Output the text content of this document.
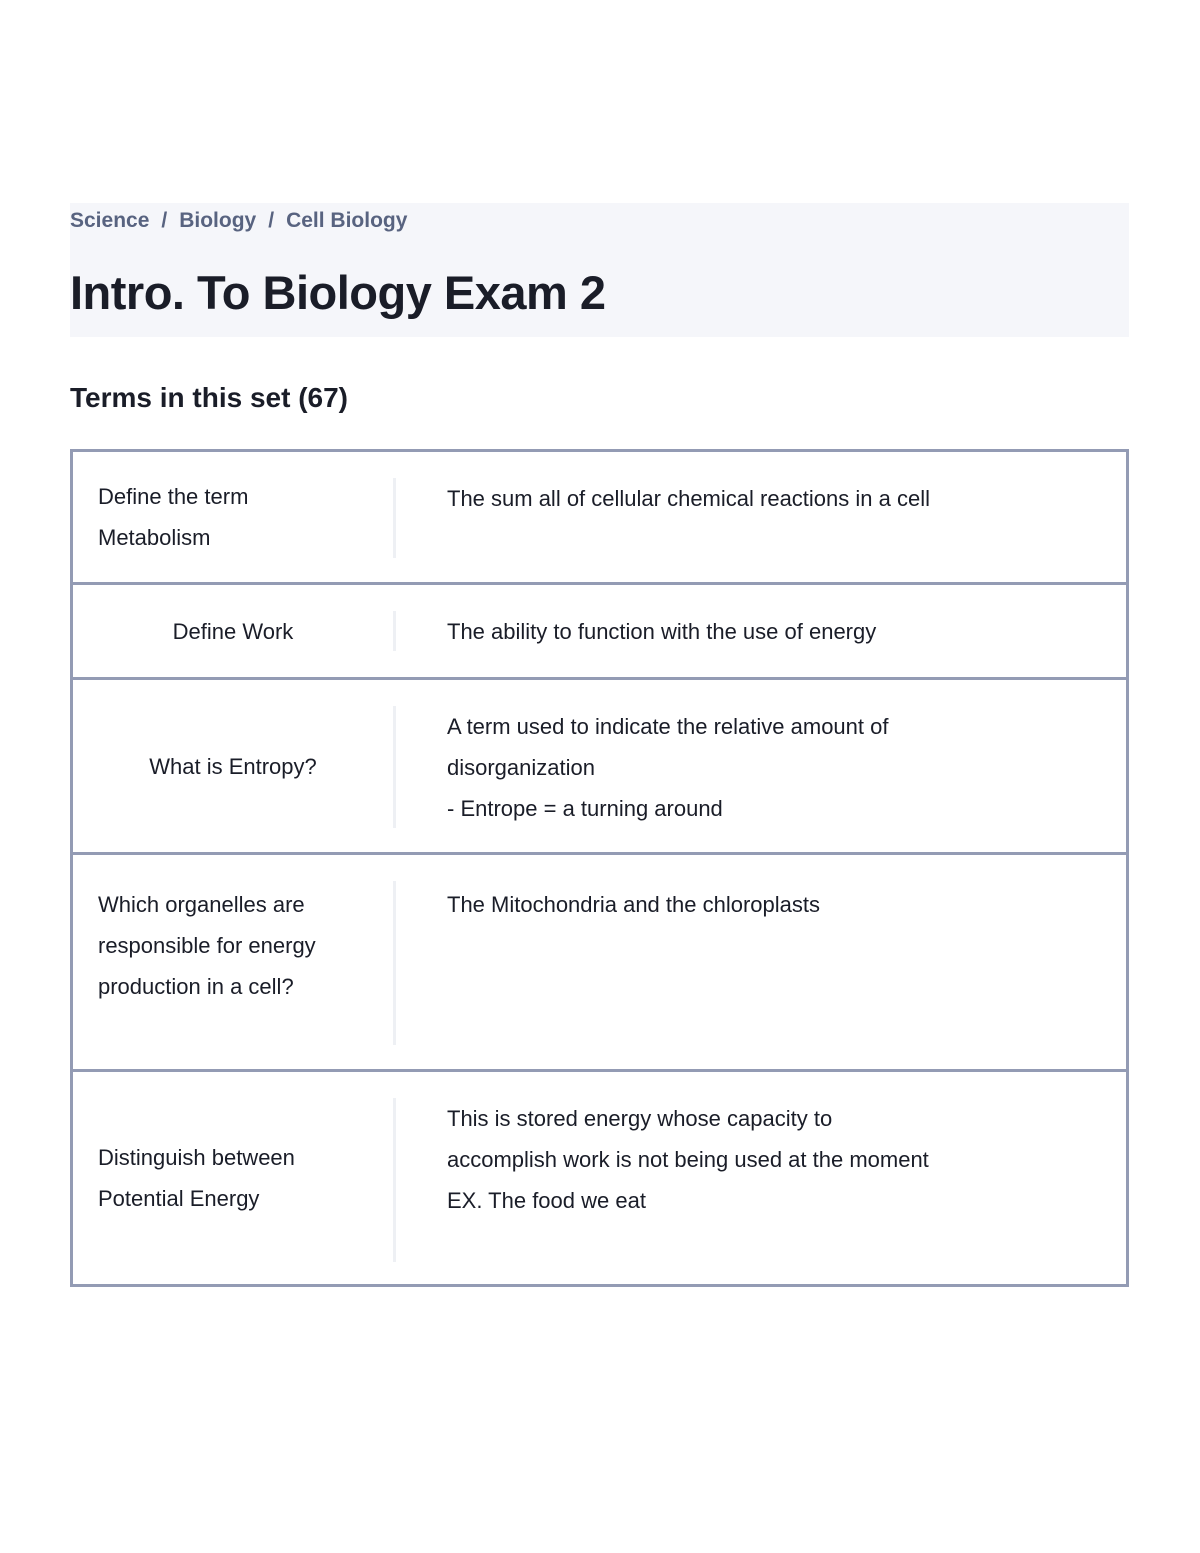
Science / Biology / Cell Biology
Intro. To Biology Exam 2
Terms in this set (67)
Define the term Metabolism
The sum all of cellular chemical reactions in a cell
Define Work	The ability to function with the use of energy
What is Entropy?
A term used to indicate the relative amount of disorganization
- Entrope = a turning around
Which organelles are responsible for energy production in a cell?
The Mitochondria and the chloroplasts
Distinguish between Potential Energy
This is stored energy whose capacity to accomplish work is not being used at the moment
EX. The food we eat
